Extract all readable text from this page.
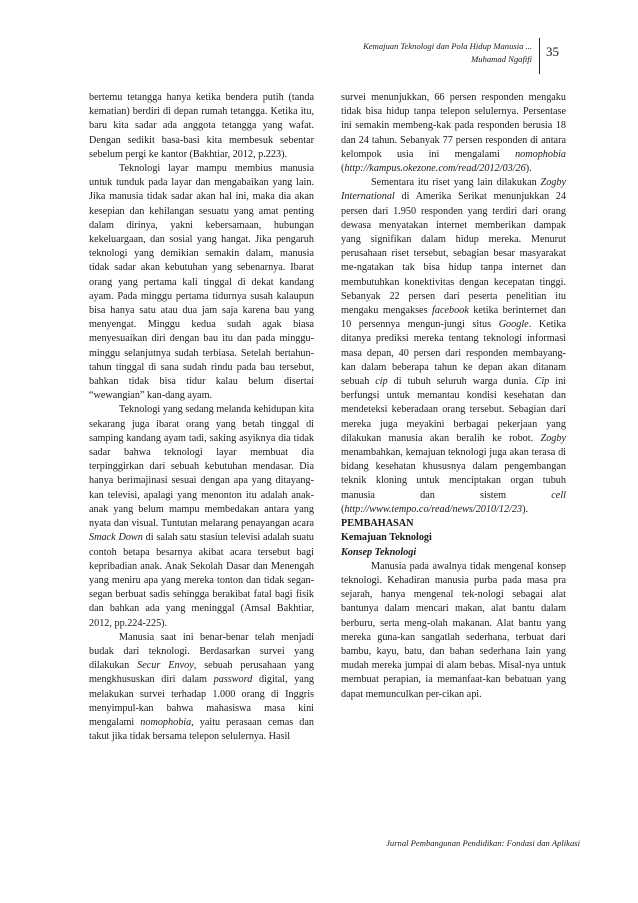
Kemajuan Teknologi dan Pola Hidup Manusia ...
Muhamad Ngafifi 35

bertemu tetangga hanya ketika bendera putih (tanda kematian) berdiri di depan rumah tetangga. Ketika itu, baru kita sadar ada anggota tetangga yang wafat. Dengan sedikit basa-basi kita membesuk sebentar sebelum pergi ke kantor (Bakhtiar, 2012, p.223).

Teknologi layar mampu membius manusia untuk tunduk pada layar dan mengabaikan yang lain. Jika manusia tidak sadar akan hal ini, maka dia akan kesepian dan kehilangan sesuatu yang amat penting dalam dirinya, yakni kebersamaan, hubungan kekeluargaan, dan sosial yang hangat. Jika pengaruh teknologi yang demikian semakin dalam, manusia tidak sadar akan kebutuhan yang sebenarnya. Ibarat orang yang pertama kali tinggal di dekat kandang ayam. Pada minggu pertama tidurnya susah kalaupun bisa hanya satu atau dua jam saja karena bau yang menyengat. Minggu kedua sudah agak biasa menyesuaikan diri dengan bau itu dan pada minggu-minggu selanjutnya sudah terbiasa. Setelah bertahun-tahun tinggal di sana sudah rindu pada bau tersebut, bahkan tidak bisa tidur kalau belum disertai “wewangian” kan-dang ayam.

Teknologi yang sedang melanda kehidupan kita sekarang juga ibarat orang yang betah tinggal di samping kandang ayam tadi, saking asyiknya dia tidak sadar bahwa teknologi layar membuat dia terpinggirkan dari sebuah kebutuhan mendasar. Dia hanya berimajinasi sesuai dengan apa yang ditayang-kan televisi, apalagi yang menonton itu adalah anak-anak yang belum mampu membedakan antara yang nyata dan visual. Tuntutan melarang penayangan acara Smack Down di salah satu stasiun televisi adalah suatu contoh betapa besarnya akibat acara tersebut bagi kepribadian anak. Anak Sekolah Dasar dan Menengah yang meniru apa yang mereka tonton dan tidak segan-segan berbuat sadis sehingga berakibat fatal bagi fisik dan bahkan ada yang meninggal (Amsal Bakhtiar, 2012, pp.224-225).

Manusia saat ini benar-benar telah menjadi budak dari teknologi. Berdasarkan survei yang dilakukan Secur Envoy, sebuah perusahaan yang mengkhususkan diri dalam password digital, yang melakukan survei terhadap 1.000 orang di Inggris menyimpul-kan bahwa mahasiswa masa kini mengalami nomophobia, yaitu perasaan cemas dan takut jika tidak bersama telepon selulernya. Hasil

survei menunjukkan, 66 persen responden mengaku tidak bisa hidup tanpa telepon selulernya. Persentase ini semakin membeng-kak pada responden berusia 18 dan 24 tahun. Sebanyak 77 persen responden di antara kelompok usia ini mengalami nomophobia (http://kampus.okezone.com/read/2012/03/26).

Sementara itu riset yang lain dilakukan Zogby International di Amerika Serikat menunjukkan 24 persen dari 1.950 responden yang terdiri dari orang dewasa menyatakan internet memberikan dampak yang signifikan dalam hidup mereka. Menurut perusahaan riset tersebut, sebagian besar masyarakat me-ngatakan tak bisa hidup tanpa internet dan membutuhkan konektivitas dengan kecepatan tinggi. Sebanyak 22 persen dari peserta penelitian itu mengaku mengakses facebook ketika berinternet dan 10 persennya mengun-jungi situs Google. Ketika ditanya prediksi mereka tentang teknologi informasi masa depan, 40 persen dari responden membayang-kan dalam beberapa tahun ke depan akan ditanam sebuah cip di tubuh seluruh warga dunia. Cip ini berfungsi untuk memantau kondisi kesehatan dan mendeteksi keberadaan orang tersebut. Sebagian dari mereka juga meyakini berbagai pekerjaan yang dilakukan manusia akan beralih ke robot. Zogby menambahkan, kemajuan teknologi juga akan terasa di bidang kesehatan khususnya dalam pengembangan teknik kloning untuk menciptakan organ tubuh manusia dan sistem cell (http://www.tempo.co/read/news/2010/12/23).

PEMBAHASAN

Kemajuan Teknologi

Konsep Teknologi

Manusia pada awalnya tidak mengenal konsep teknologi. Kehadiran manusia purba pada masa pra sejarah, hanya mengenal tek-nologi sebagai alat bantunya dalam mencari makan, alat bantu dalam berburu, serta meng-olah makanan. Alat bantu yang mereka guna-kan sangatlah sederhana, terbuat dari bambu, kayu, batu, dan bahan sederhana lain yang mudah mereka jumpai di alam bebas. Misal-nya untuk membuat perapian, ia memanfaat-kan bebatuan yang dapat memunculkan per-cikan api.

Jurnal Pembangunan Pendidikan: Fondasi dan Aplikasi
